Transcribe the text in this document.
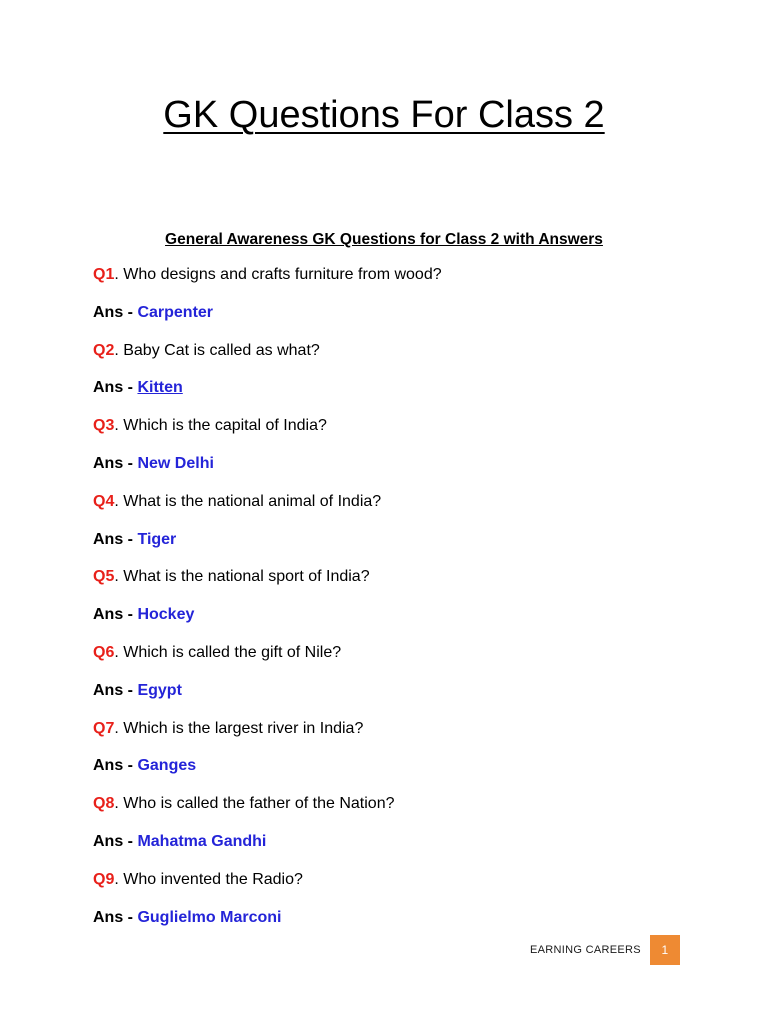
GK Questions For Class 2

General Awareness GK Questions for Class 2 with Answers

Q1. Who designs and crafts furniture from wood?
Ans - Carpenter
Q2. Baby Cat is called as what?
Ans - Kitten
Q3. Which is the capital of India?
Ans - New Delhi
Q4. What is the national animal of India?
Ans - Tiger
Q5. What is the national sport of India?
Ans - Hockey
Q6. Which is called the gift of Nile?
Ans - Egypt
Q7. Which is the largest river in India?
Ans - Ganges
Q8. Who is called the father of the Nation?
Ans - Mahatma Gandhi
Q9. Who invented the Radio?
Ans - Guglielmo Marconi
EARNING CAREERS	1
